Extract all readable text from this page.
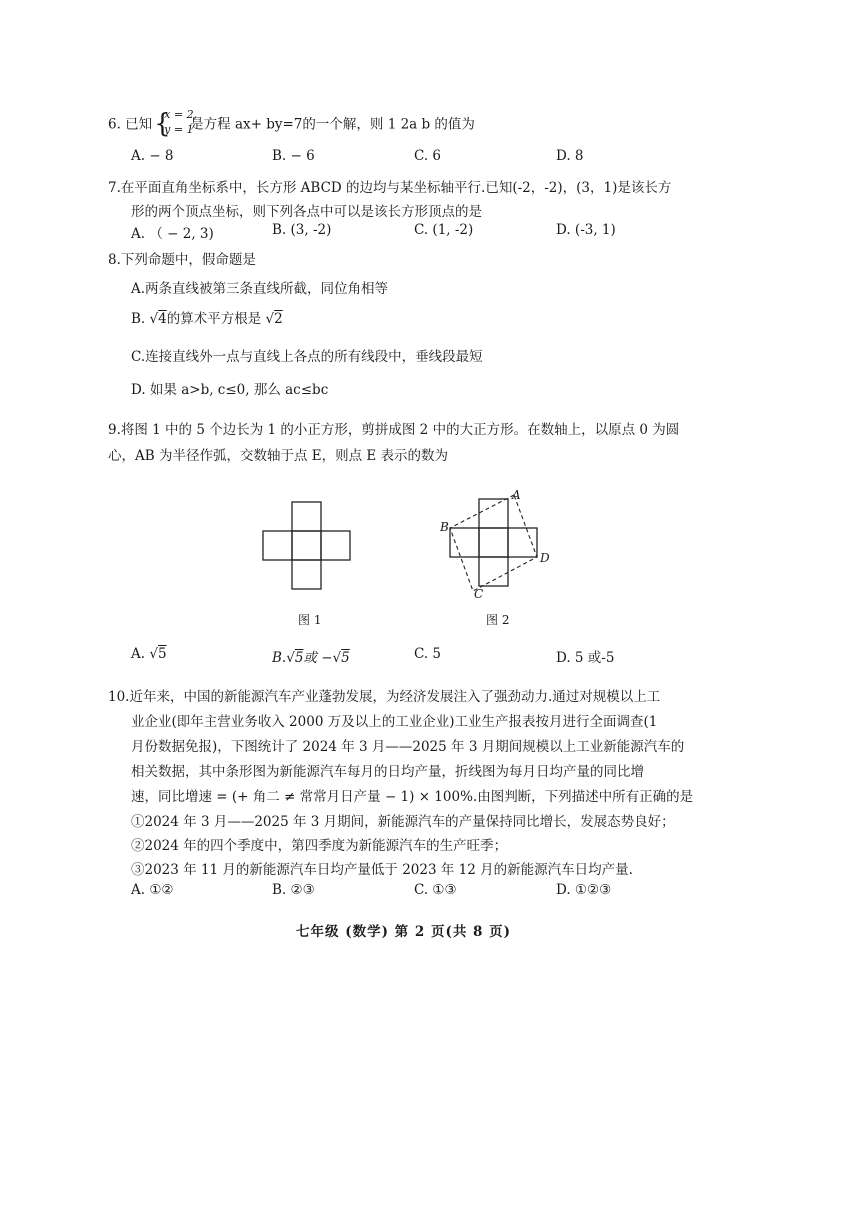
6. 已知 {
x = 2,
y = 1
是方程 ax+ by=7的一个解，则 1 2a b 的值为
A. − 8	B. − 6	C. 6	D. 8
7.在平面直角坐标系中，长方形 ABCD 的边均与某坐标轴平行.已知(-2，-2)，(3，1)是该长方
形的两个顶点坐标，则下列各点中可以是该长方形顶点的是
A. （ − 2, 3)	B. (3, -2)	C. (1, -2)	D. (-3, 1)
8.下列命题中，假命题是
A.两条直线被第三条直线所截，同位角相等
B. √4的算术平方根是 √2
C.连接直线外一点与直线上各点的所有线段中，垂线段最短
D. 如果 a>b, c≤0, 那么 ac≤bc
9.将图 1 中的 5 个边长为 1 的小正方形，剪拼成图 2 中的大正方形。在数轴上，以原点 0 为圆
心，AB 为半径作弧，交数轴于点 E，则点 E 表示的数为
图 1
A
B
C
D
图 2
A. √5	B.√5或 −√5	C. 5	D. 5 或-5
10.近年来，中国的新能源汽车产业蓬勃发展，为经济发展注入了强劲动力.通过对规模以上工
业企业(即年主营业务收入 2000 万及以上的工业企业)工业生产报表按月进行全面调查(1
月份数据免报)，下图统计了 2024 年 3 月——2025 年 3 月期间规模以上工业新能源汽车的
相关数据，其中条形图为新能源汽车每月的日均产量，折线图为每月日均产量的同比增
速，同比增速 = (+ 角二 ≠ 常常月日产量 − 1) × 100%.由图判断，下列描述中所有正确的是
①2024 年 3 月——2025 年 3 月期间，新能源汽车的产量保持同比增长，发展态势良好；
②2024 年的四个季度中，第四季度为新能源汽车的生产旺季；
③2023 年 11 月的新能源汽车日均产量低于 2023 年 12 月的新能源汽车日均产量.
A. ①②	B. ②③	C. ①③	D. ①②③
七年级 (数学) 第 2 页(共 8 页)
